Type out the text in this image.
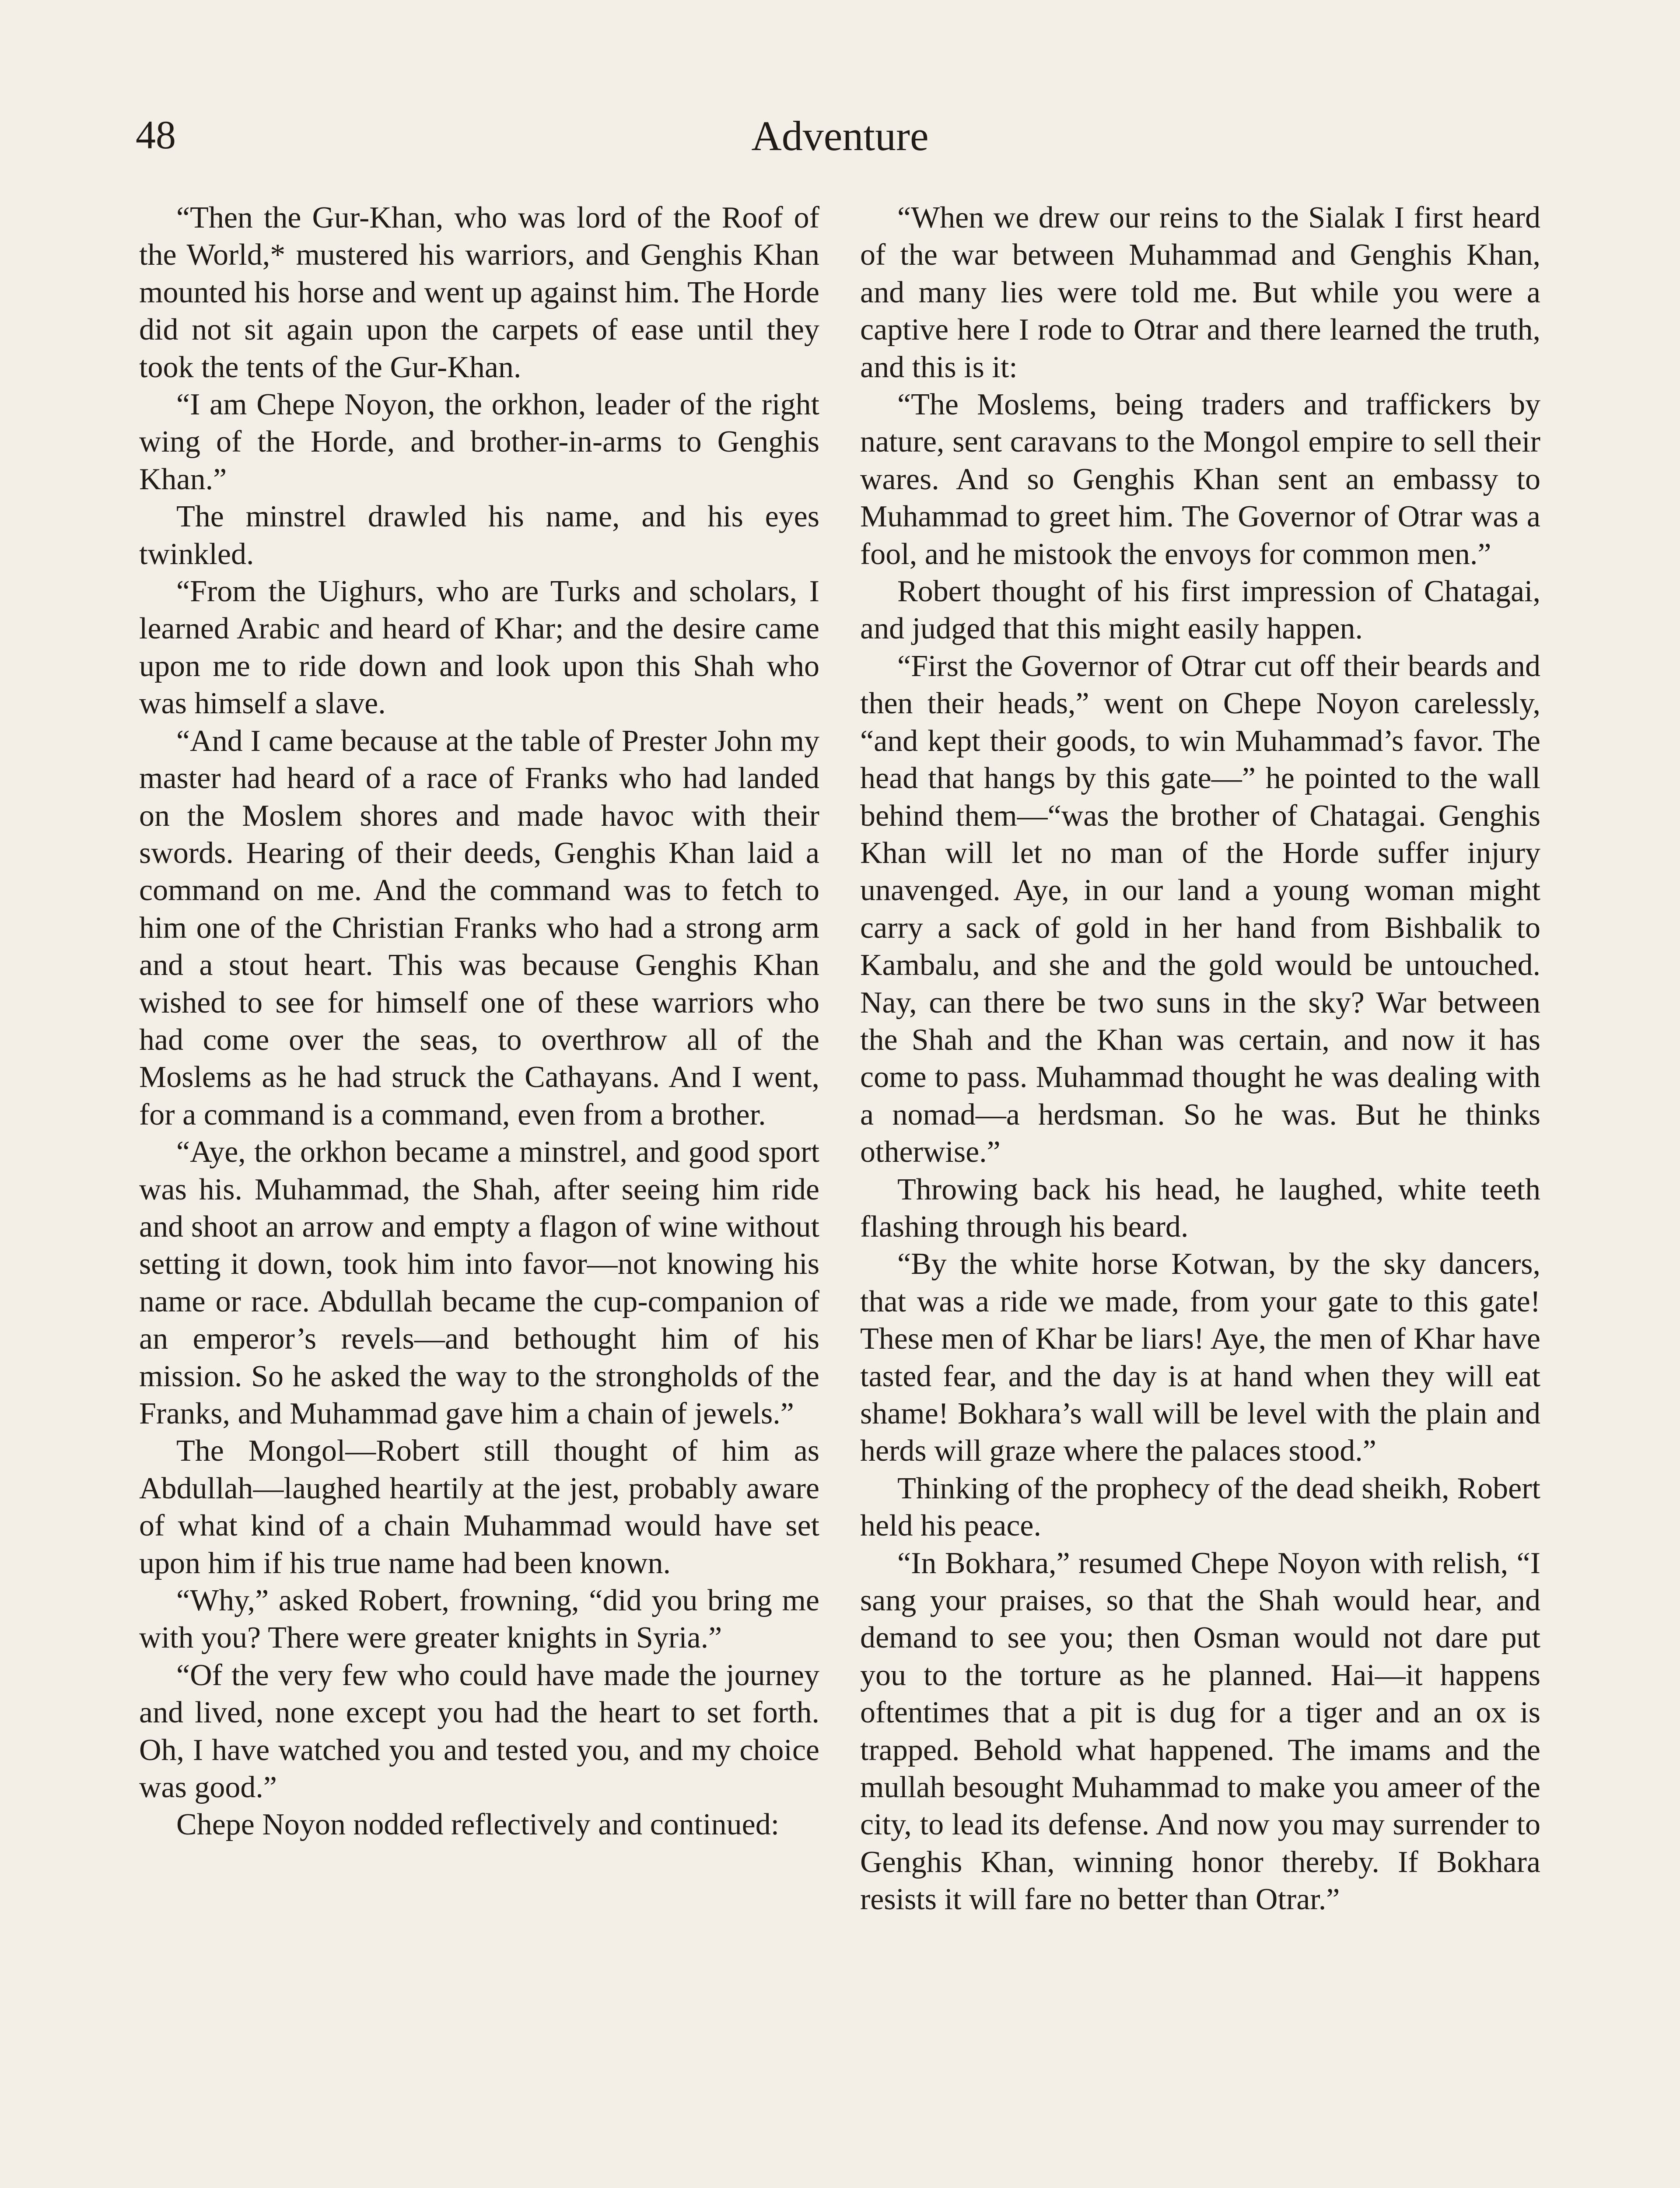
48	Adventure

“Then the Gur-Khan, who was lord of the Roof of the World,* mustered his warriors, and Genghis Khan mounted his horse and went up against him. The Horde did not sit again upon the carpets of ease until they took the tents of the Gur-Khan.

“I am Chepe Noyon, the orkhon, leader of the right wing of the Horde, and brother-in-arms to Genghis Khan.”

The minstrel drawled his name, and his eyes twinkled.

“From the Uighurs, who are Turks and scholars, I learned Arabic and heard of Khar; and the desire came upon me to ride down and look upon this Shah who was himself a slave.

“And I came because at the table of Prester John my master had heard of a race of Franks who had landed on the Moslem shores and made havoc with their swords. Hearing of their deeds, Genghis Khan laid a command on me. And the command was to fetch to him one of the Christian Franks who had a strong arm and a stout heart. This was because Genghis Khan wished to see for himself one of these warriors who had come over the seas, to overthrow all of the Moslems as he had struck the Cathayans. And I went, for a command is a command, even from a brother.

“Aye, the orkhon became a minstrel, and good sport was his. Muhammad, the Shah, after seeing him ride and shoot an arrow and empty a flagon of wine without setting it down, took him into favor—not knowing his name or race. Abdullah became the cup-companion of an emperor’s revels—and bethought him of his mission. So he asked the way to the strongholds of the Franks, and Muhammad gave him a chain of jewels.”

The Mongol—Robert still thought of him as Abdullah—laughed heartily at the jest, probably aware of what kind of a chain Muhammad would have set upon him if his true name had been known.

“Why,” asked Robert, frowning, “did you bring me with you? There were greater knights in Syria.”

“Of the very few who could have made the journey and lived, none except you had the heart to set forth. Oh, I have watched you and tested you, and my choice was good.”

Chepe Noyon nodded reflectively and continued:

“When we drew our reins to the Sialak I first heard of the war between Muhammad and Genghis Khan, and many lies were told me. But while you were a captive here I rode to Otrar and there learned the truth, and this is it:

“The Moslems, being traders and traffickers by nature, sent caravans to the Mongol empire to sell their wares. And so Genghis Khan sent an embassy to Muhammad to greet him. The Governor of Otrar was a fool, and he mistook the envoys for common men.”

Robert thought of his first impression of Chatagai, and judged that this might easily happen.

“First the Governor of Otrar cut off their beards and then their heads,” went on Chepe Noyon carelessly, “and kept their goods, to win Muhammad’s favor. The head that hangs by this gate—” he pointed to the wall behind them—“was the brother of Chatagai. Genghis Khan will let no man of the Horde suffer injury unavenged. Aye, in our land a young woman might carry a sack of gold in her hand from Bishbalik to Kambalu, and she and the gold would be untouched. Nay, can there be two suns in the sky? War between the Shah and the Khan was certain, and now it has come to pass. Muhammad thought he was dealing with a nomad—a herdsman. So he was. But he thinks otherwise.”

Throwing back his head, he laughed, white teeth flashing through his beard.

“By the white horse Kotwan, by the sky dancers, that was a ride we made, from your gate to this gate! These men of Khar be liars! Aye, the men of Khar have tasted fear, and the day is at hand when they will eat shame! Bokhara’s wall will be level with the plain and herds will graze where the palaces stood.”

Thinking of the prophecy of the dead sheikh, Robert held his peace.

“In Bokhara,” resumed Chepe Noyon with relish, “I sang your praises, so that the Shah would hear, and demand to see you; then Osman would not dare put you to the torture as he planned. Hai—it happens oftentimes that a pit is dug for a tiger and an ox is trapped. Behold what happened. The imams and the mullah besought Muhammad to make you ameer of the city, to lead its defense. And now you may surrender to Genghis Khan, winning honor thereby. If Bokhara resists it will fare no better than Otrar.”
